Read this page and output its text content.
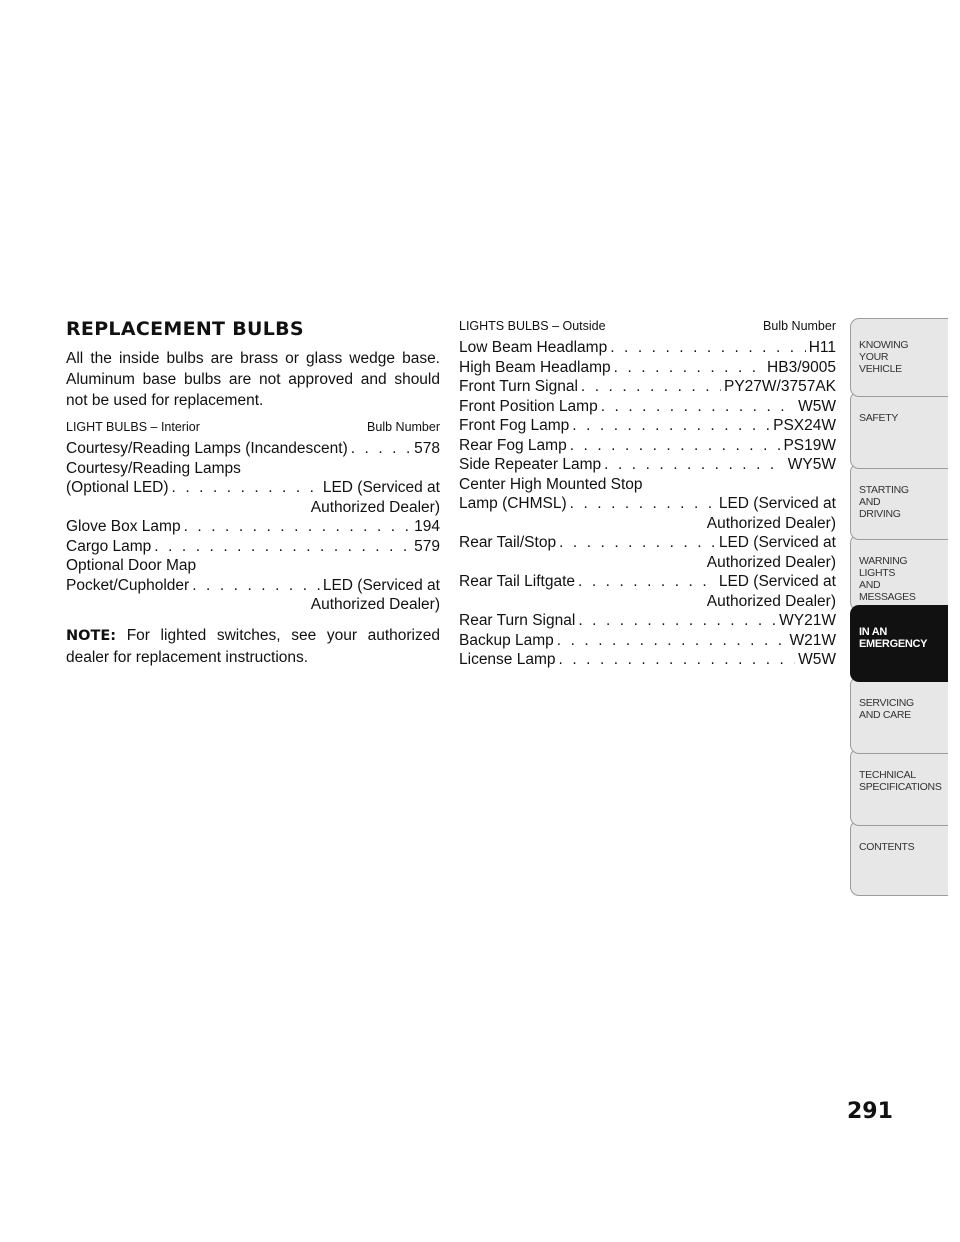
REPLACEMENT BULBS

All the inside bulbs are brass or glass wedge base. Aluminum base bulbs are not approved and should not be used for replacement.

LIGHT BULBS – Interior	Bulb Number
Courtesy/Reading Lamps (Incandescent) . . .	578
Courtesy/Reading Lamps
(Optional LED) . . .	LED (Serviced at
Authorized Dealer)
Glove Box Lamp . . .	194
Cargo Lamp . . .	579
Optional Door Map
Pocket/Cupholder . . .	LED (Serviced at
Authorized Dealer)

NOTE: For lighted switches, see your authorized dealer for replacement instructions.

LIGHTS BULBS – Outside	Bulb Number
Low Beam Headlamp . . .	H11
High Beam Headlamp . . .	HB3/9005
Front Turn Signal . . .	PY27W/3757AK
Front Position Lamp . . .	W5W
Front Fog Lamp . . .	PSX24W
Rear Fog Lamp . . .	PS19W
Side Repeater Lamp . . .	WY5W
Center High Mounted Stop
Lamp (CHMSL) . . .	LED (Serviced at
Authorized Dealer)
Rear Tail/Stop . . .	LED (Serviced at
Authorized Dealer)
Rear Tail Liftgate . . .	LED (Serviced at
Authorized Dealer)
Rear Turn Signal . . .	WY21W
Backup Lamp . . .	W21W
License Lamp . . .	W5W
KNOWING
YOUR
VEHICLE
SAFETY
STARTING
AND
DRIVING
WARNING
LIGHTS
AND
MESSAGES
IN AN
EMERGENCY
SERVICING
AND CARE
TECHNICAL
SPECIFICATIONS
CONTENTS
291
